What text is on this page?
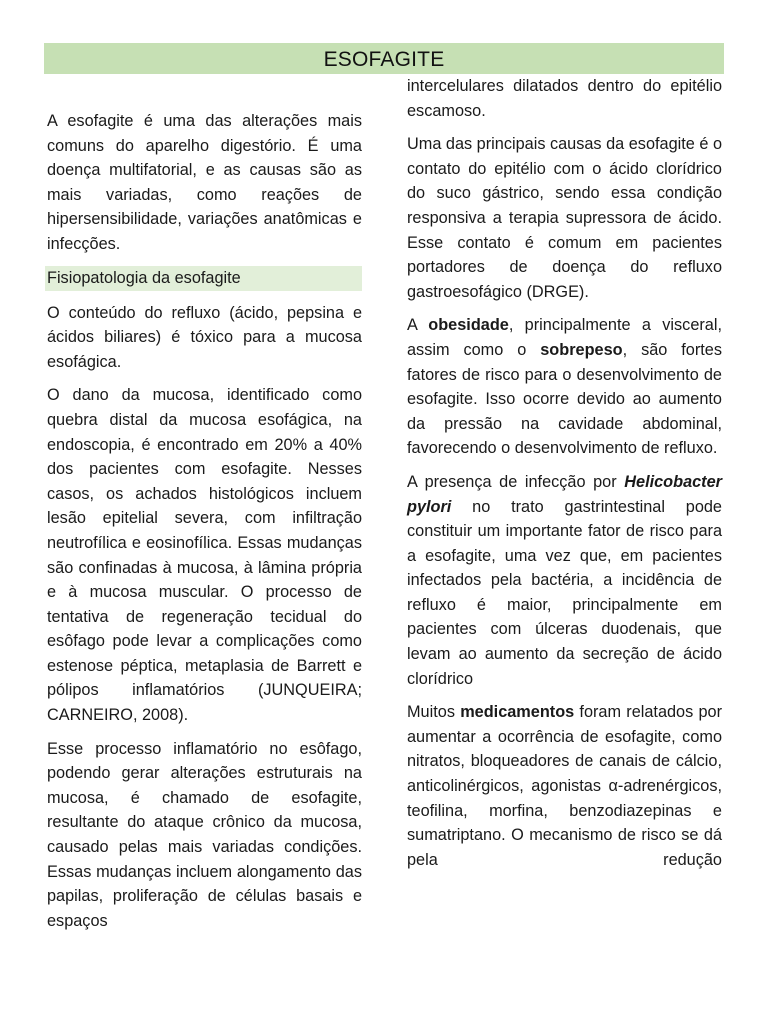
ESOFAGITE

A esofagite é uma das alterações mais comuns do aparelho digestório. É uma doença multifatorial, e as causas são as mais variadas, como reações de hipersensibilidade, variações anatômicas e infecções.

Fisiopatologia da esofagite

O conteúdo do refluxo (ácido, pepsina e ácidos biliares) é tóxico para a mucosa esofágica.

O dano da mucosa, identificado como quebra distal da mucosa esofágica, na endoscopia, é encontrado em 20% a 40% dos pacientes com esofagite. Nesses casos, os achados histológicos incluem lesão epitelial severa, com infiltração neutrofílica e eosinofílica. Essas mudanças são confinadas à mucosa, à lâmina própria e à mucosa muscular. O processo de tentativa de regeneração tecidual do esôfago pode levar a complicações como estenose péptica, metaplasia de Barrett e pólipos inflamatórios (JUNQUEIRA; CARNEIRO, 2008).

Esse processo inflamatório no esôfago, podendo gerar alterações estruturais na mucosa, é chamado de esofagite, resultante do ataque crônico da mucosa, causado pelas mais variadas condições. Essas mudanças incluem alongamento das papilas, proliferação de células basais e espaços

intercelulares dilatados dentro do epitélio escamoso.

Uma das principais causas da esofagite é o contato do epitélio com o ácido clorídrico do suco gástrico, sendo essa condição responsiva a terapia supressora de ácido. Esse contato é comum em pacientes portadores de doença do refluxo gastroesofágico (DRGE).

A obesidade, principalmente a visceral, assim como o sobrepeso, são fortes fatores de risco para o desenvolvimento de esofagite. Isso ocorre devido ao aumento da pressão na cavidade abdominal, favorecendo o desenvolvimento de refluxo.

A presença de infecção por Helicobacter pylori no trato gastrintestinal pode constituir um importante fator de risco para a esofagite, uma vez que, em pacientes infectados pela bactéria, a incidência de refluxo é maior, principalmente em pacientes com úlceras duodenais, que levam ao aumento da secreção de ácido clorídrico

Muitos medicamentos foram relatados por aumentar a ocorrência de esofagite, como nitratos, bloqueadores de canais de cálcio, anticolinérgicos, agonistas α-adrenérgicos, teofilina, morfina, benzodiazepinas e sumatriptano. O mecanismo de risco se dá pela redução
